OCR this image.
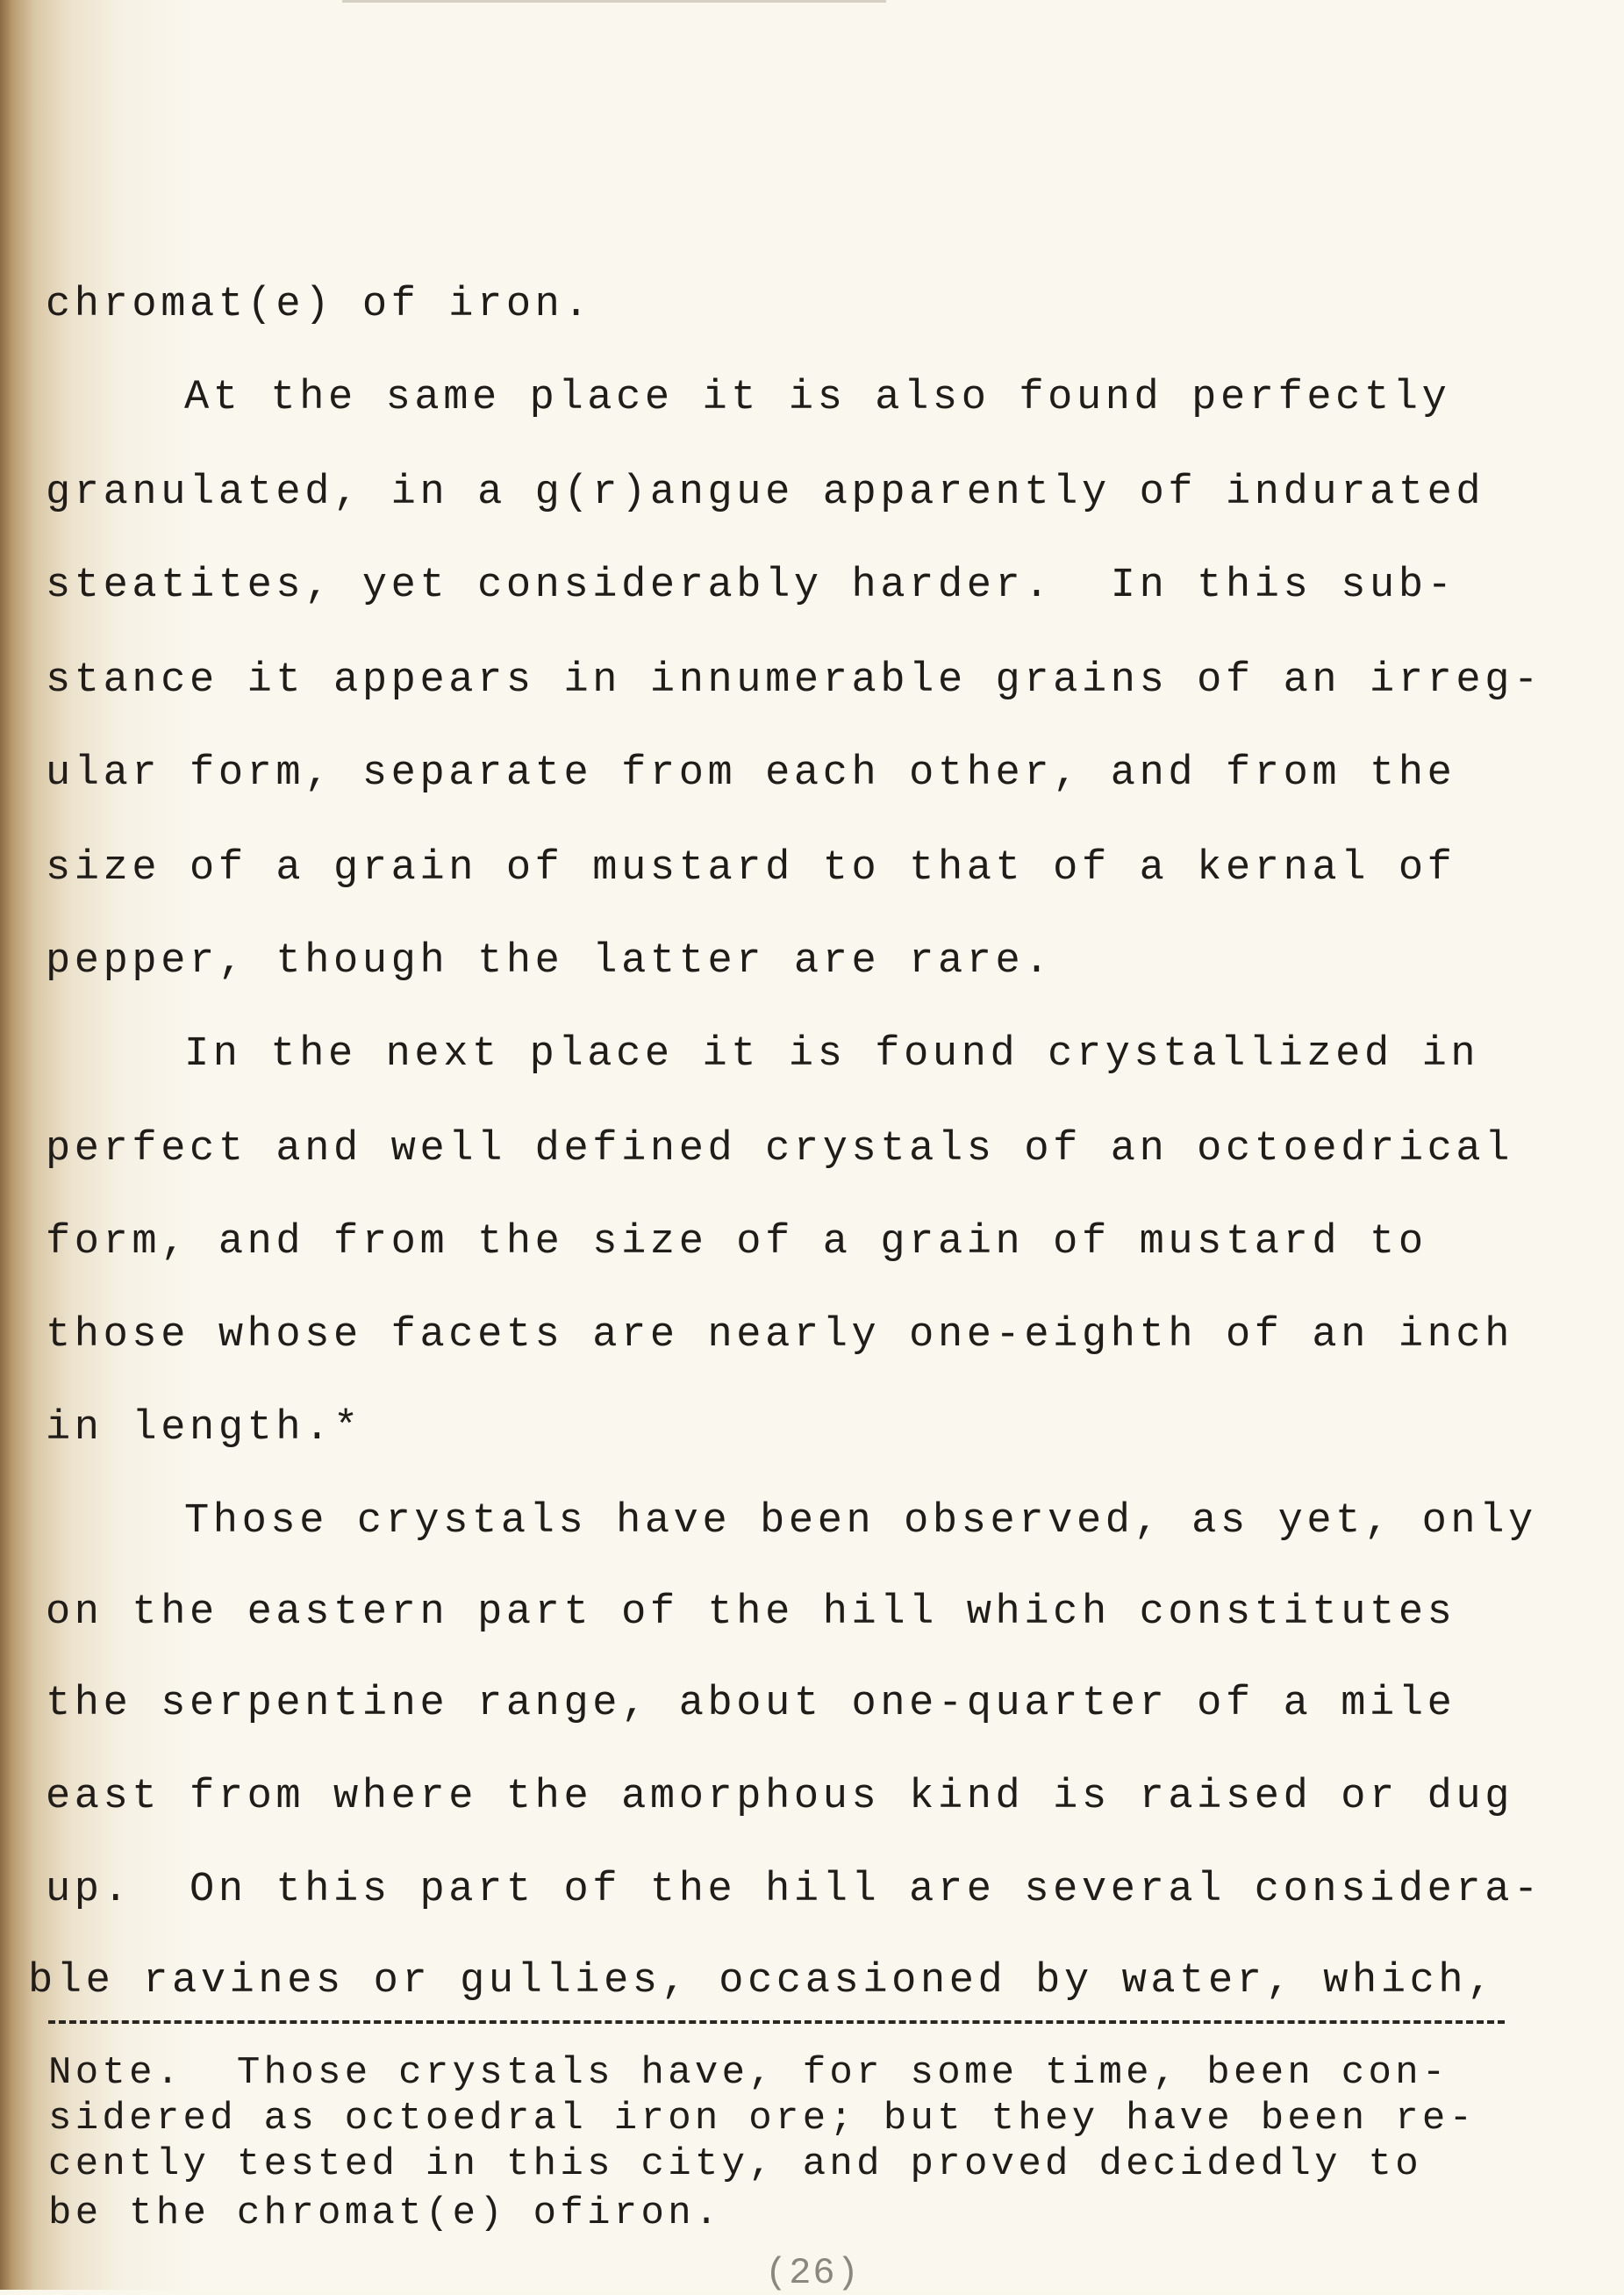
chromat(e) of iron.

At the same place it is also found perfectly

granulated, in a g(r)angue apparently of indurated

steatites, yet considerably harder.  In this sub-

stance it appears in innumerable grains of an irreg-

ular form, separate from each other, and from the

size of a grain of mustard to that of a kernal of

pepper, though the latter are rare.

In the next place it is found crystallized in

perfect and well defined crystals of an octoedrical

form, and from the size of a grain of mustard to

those whose facets are nearly one-eighth of an inch

in length.*

Those crystals have been observed, as yet, only

on the eastern part of the hill which constitutes

the serpentine range, about one-quarter of a mile

east from where the amorphous kind is raised or dug

up.  On this part of the hill are several considera-

ble ravines or gullies, occasioned by water, which,

Note.  Those crystals have, for some time, been con-

sidered as octoedral iron ore; but they have been re-

cently tested in this city, and proved decidedly to

be the chromat(e) ofiron.

(26)
